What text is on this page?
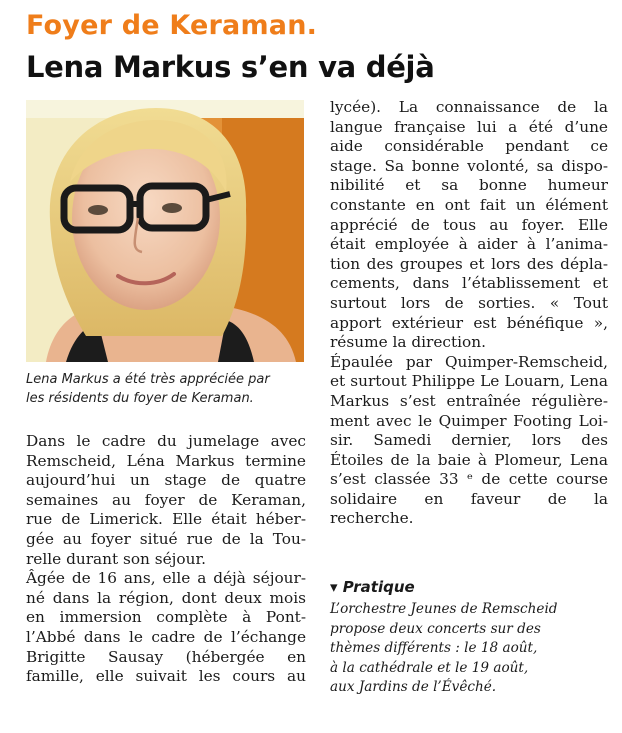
Foyer de Keraman.
Lena Markus s’en va déjà
Lena Markus a été très appréciée par
les résidents du foyer de Keraman.
Dans le cadre du jumelage avec
Remscheid, Léna Markus termine
aujourd’hui un stage de quatre
semaines au foyer de Keraman,
rue de Limerick. Elle était héber-
gée au foyer situé rue de la Tou-
relle durant son séjour.
Âgée de 16 ans, elle a déjà séjour-
né dans la région, dont deux mois
en immersion complète à Pont-
l’Abbé dans le cadre de l’échange
Brigitte Sausay (hébergée en
famille, elle suivait les cours au
lycée). La connaissance de la
langue française lui a été d’une
aide considérable pendant ce
stage. Sa bonne volonté, sa dispo-
nibilité et sa bonne humeur
constante en ont fait un élément
apprécié de tous au foyer. Elle
était employée à aider à l’anima-
tion des groupes et lors des dépla-
cements, dans l’établissement et
surtout lors de sorties. « Tout
apport extérieur est bénéfique »,
résume la direction.
Épaulée par Quimper-Remscheid,
et surtout Philippe Le Louarn, Lena
Markus s’est entraînée régulière-
ment avec le Quimper Footing Loi-
sir. Samedi dernier, lors des
Étoiles de la baie à Plomeur, Lena
s’est classée 33 ᵉ de cette course
solidaire en faveur de la
recherche.
▾ Pratique
L’orchestre Jeunes de Remscheid
propose deux concerts sur des
thèmes différents : le 18 août,
à la cathédrale et le 19 août,
aux Jardins de l’Évêché.
